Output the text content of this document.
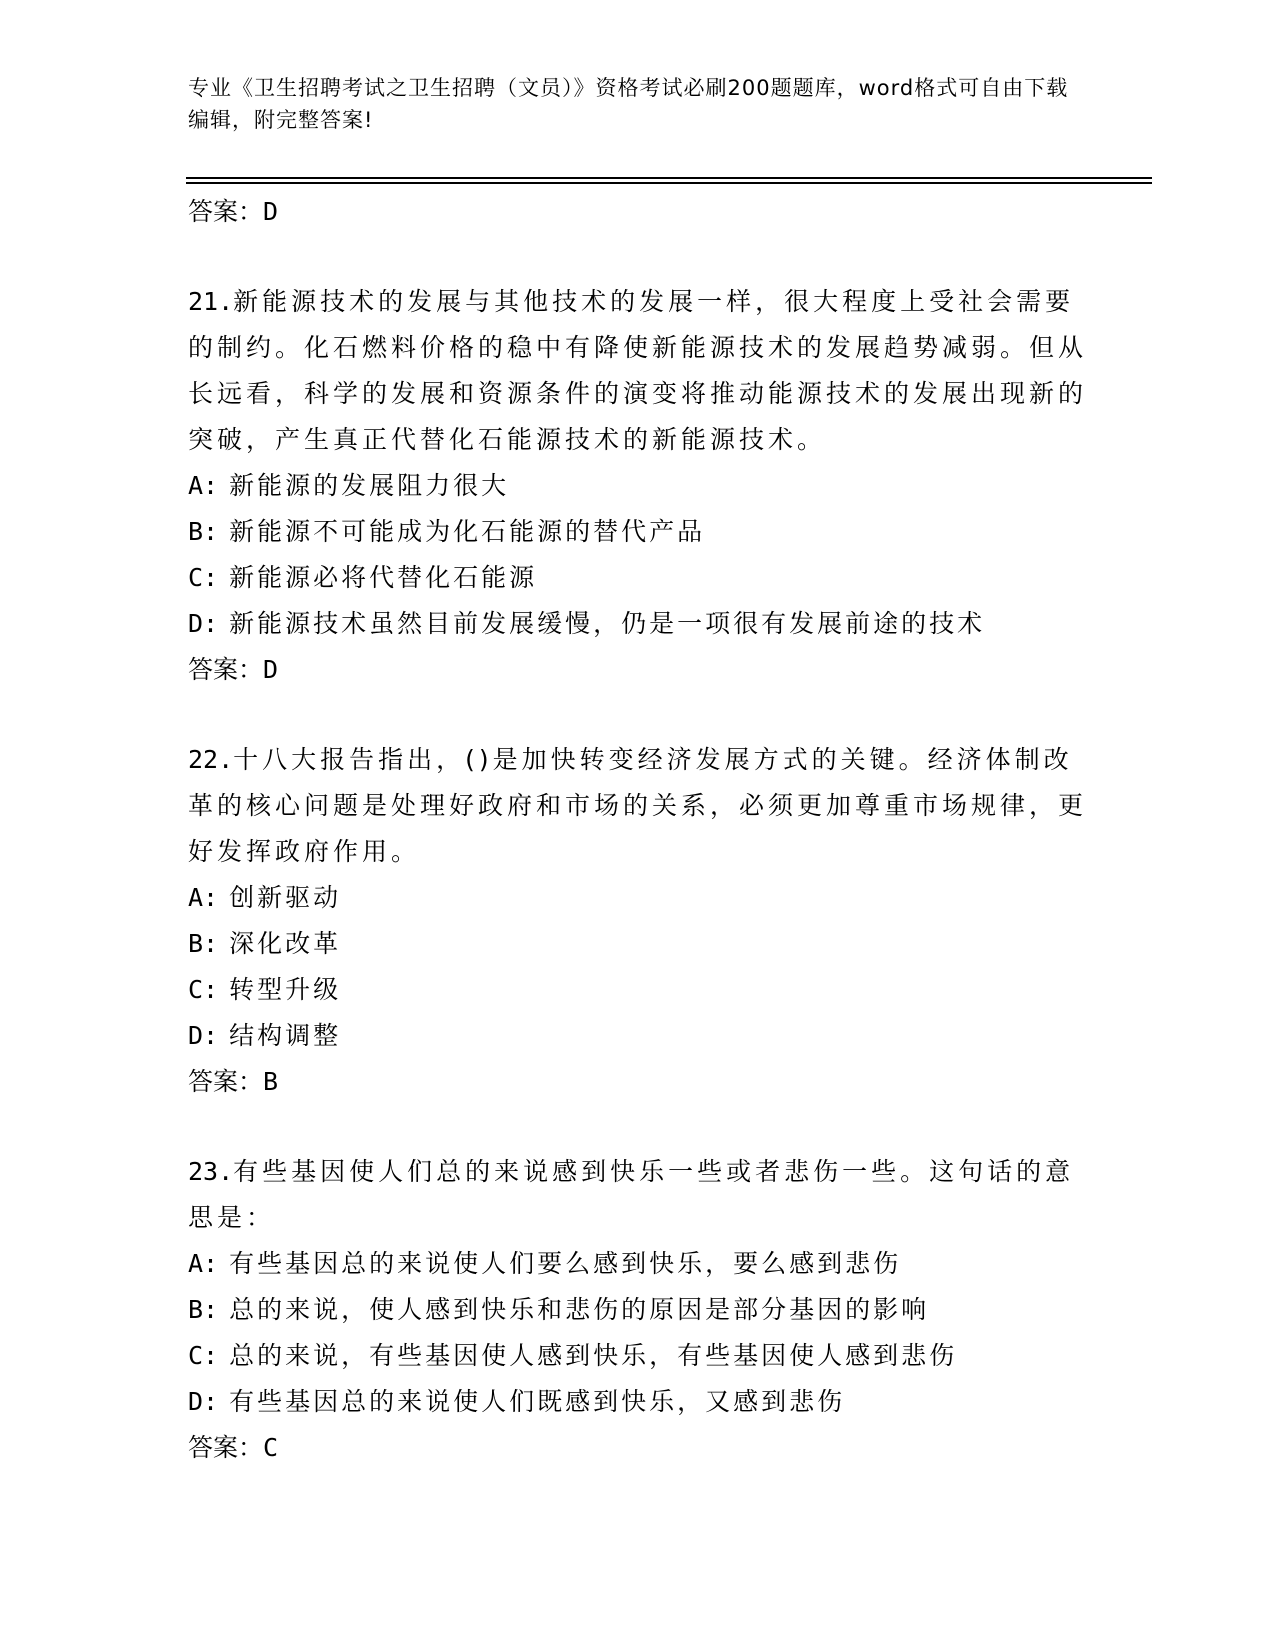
专业《卫生招聘考试之卫生招聘（文员）》资格考试必刷200题题库，word格式可自由下载编辑，附完整答案!

答案：D

21.新能源技术的发展与其他技术的发展一样，很大程度上受社会需要的制约。化石燃料价格的稳中有降使新能源技术的发展趋势减弱。但从长远看，科学的发展和资源条件的演变将推动能源技术的发展出现新的突破，产生真正代替化石能源技术的新能源技术。
A: 新能源的发展阻力很大
B: 新能源不可能成为化石能源的替代产品
C: 新能源必将代替化石能源
D: 新能源技术虽然目前发展缓慢，仍是一项很有发展前途的技术

答案：D

22.十八大报告指出，()是加快转变经济发展方式的关键。经济体制改革的核心问题是处理好政府和市场的关系，必须更加尊重市场规律，更好发挥政府作用。
A: 创新驱动
B: 深化改革
C: 转型升级
D: 结构调整

答案：B

23.有些基因使人们总的来说感到快乐一些或者悲伤一些。这句话的意思是：
A: 有些基因总的来说使人们要么感到快乐，要么感到悲伤
B: 总的来说，使人感到快乐和悲伤的原因是部分基因的影响
C: 总的来说，有些基因使人感到快乐，有些基因使人感到悲伤
D: 有些基因总的来说使人们既感到快乐，又感到悲伤

答案：C
